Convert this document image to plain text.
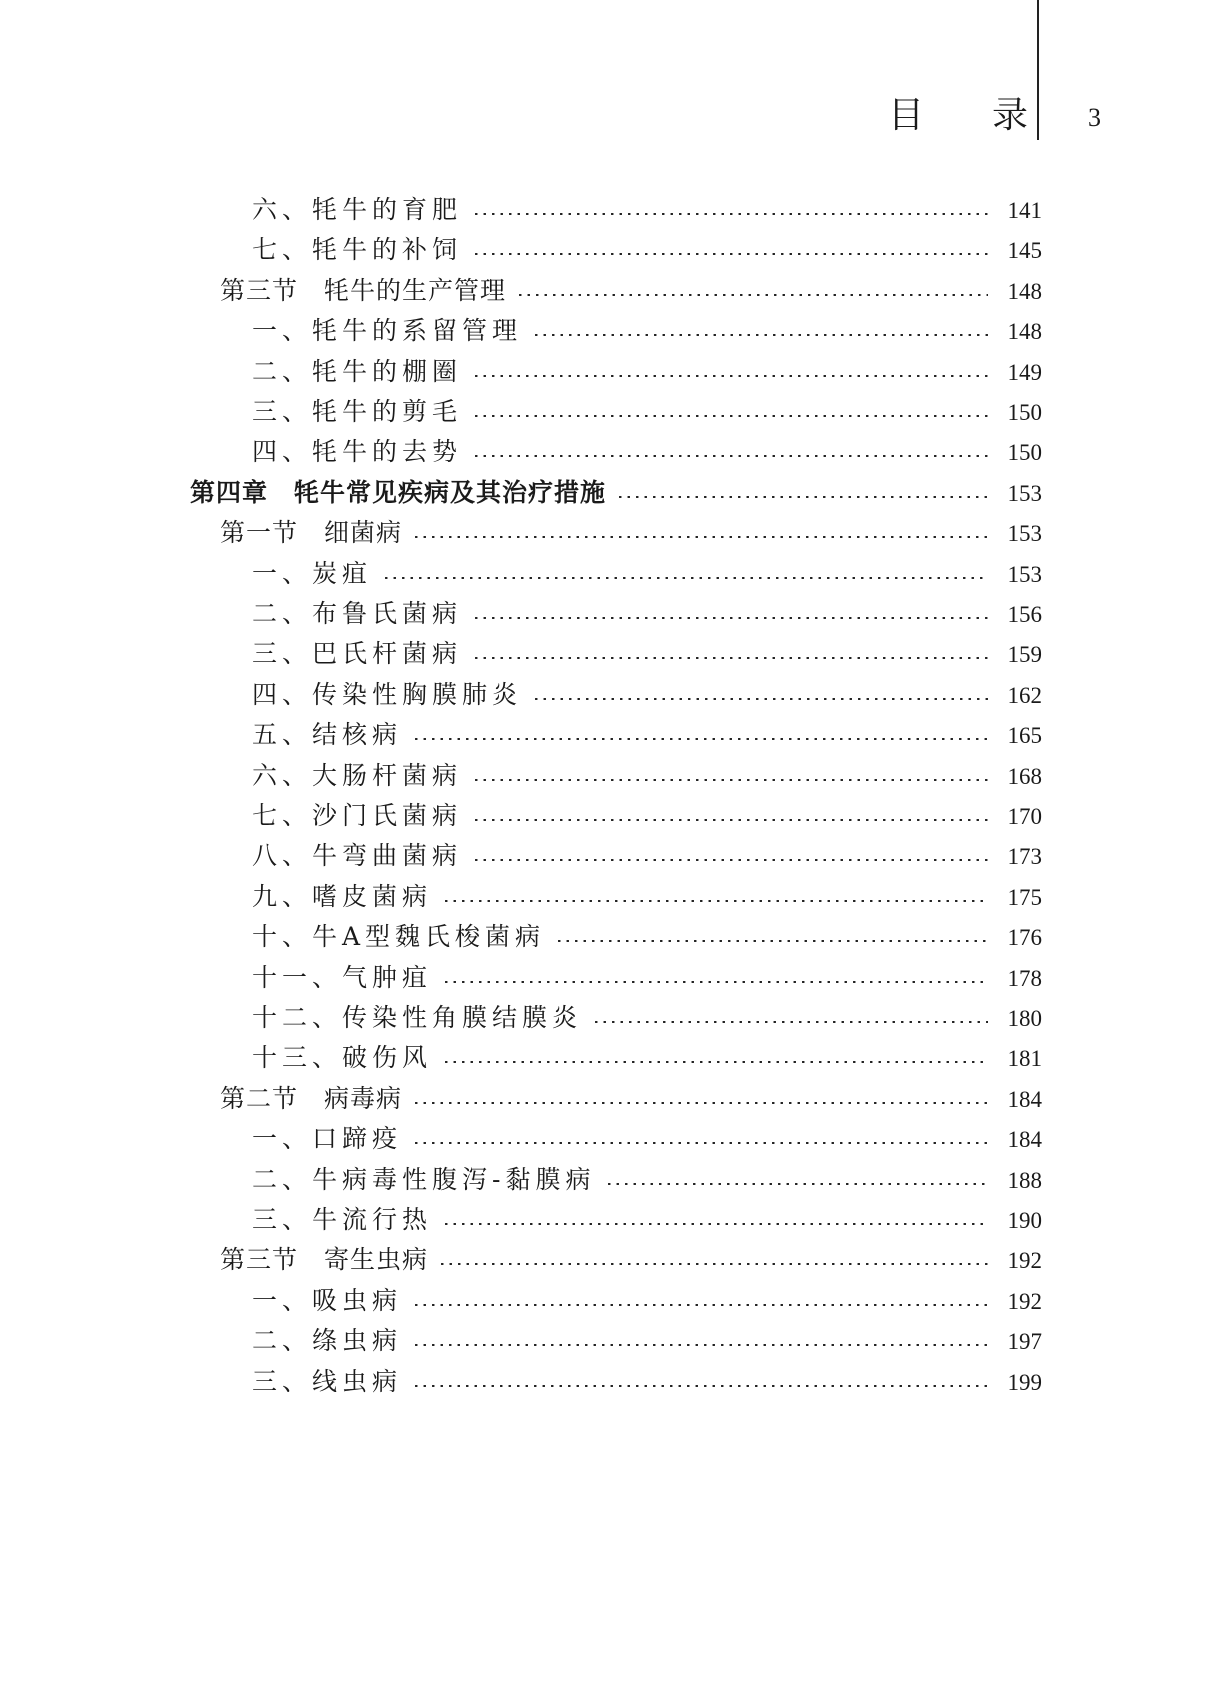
目 录 3
六、牦牛的育肥	141
七、牦牛的补饲	145
第三节　牦牛的生产管理	148
一、牦牛的系留管理	148
二、牦牛的棚圈	149
三、牦牛的剪毛	150
四、牦牛的去势	150
第四章　牦牛常见疾病及其治疗措施	153
第一节　细菌病	153
一、炭疽	153
二、布鲁氏菌病	156
三、巴氏杆菌病	159
四、传染性胸膜肺炎	162
五、结核病	165
六、大肠杆菌病	168
七、沙门氏菌病	170
八、牛弯曲菌病	173
九、嗜皮菌病	175
十、牛A型魏氏梭菌病	176
十一、气肿疽	178
十二、传染性角膜结膜炎	180
十三、破伤风	181
第二节　病毒病	184
一、口蹄疫	184
二、牛病毒性腹泻-黏膜病	188
三、牛流行热	190
第三节　寄生虫病	192
一、吸虫病	192
二、绦虫病	197
三、线虫病	199
